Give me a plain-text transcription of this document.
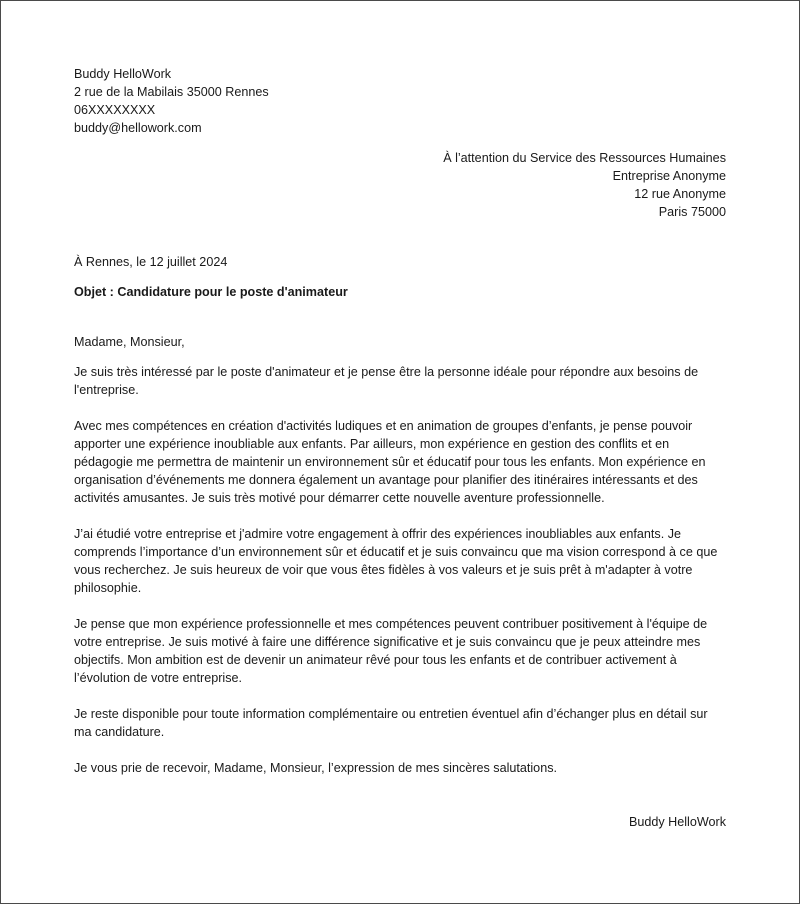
Buddy HelloWork
2 rue de la Mabilais 35000 Rennes
06XXXXXXXX
buddy@hellowork.com
À l’attention du Service des Ressources Humaines
Entreprise Anonyme
12 rue Anonyme
Paris 75000
À Rennes, le 12 juillet 2024
Objet : Candidature pour le poste d'animateur
Madame, Monsieur,

Je suis très intéressé par le poste d'animateur et je pense être la personne idéale pour répondre aux besoins de l'entreprise.

Avec mes compétences en création d'activités ludiques et en animation de groupes d’enfants, je pense pouvoir apporter une expérience inoubliable aux enfants. Par ailleurs, mon expérience en gestion des conflits et en pédagogie me permettra de maintenir un environnement sûr et éducatif pour tous les enfants. Mon expérience en organisation d’événements me donnera également un avantage pour planifier des itinéraires intéressants et des activités amusantes. Je suis très motivé pour démarrer cette nouvelle aventure professionnelle.

J’ai étudié votre entreprise et j'admire votre engagement à offrir des expériences inoubliables aux enfants. Je comprends l’importance d’un environnement sûr et éducatif et je suis convaincu que ma vision correspond à ce que vous recherchez. Je suis heureux de voir que vous êtes fidèles à vos valeurs et je suis prêt à m'adapter à votre philosophie.

Je pense que mon expérience professionnelle et mes compétences peuvent contribuer positivement à l'équipe de votre entreprise. Je suis motivé à faire une différence significative et je suis convaincu que je peux atteindre mes objectifs. Mon ambition est de devenir un animateur rêvé pour tous les enfants et de contribuer activement à l’évolution de votre entreprise.

Je reste disponible pour toute information complémentaire ou entretien éventuel afin d’échanger plus en détail sur ma candidature.

Je vous prie de recevoir, Madame, Monsieur, l’expression de mes sincères salutations.
Buddy HelloWork
